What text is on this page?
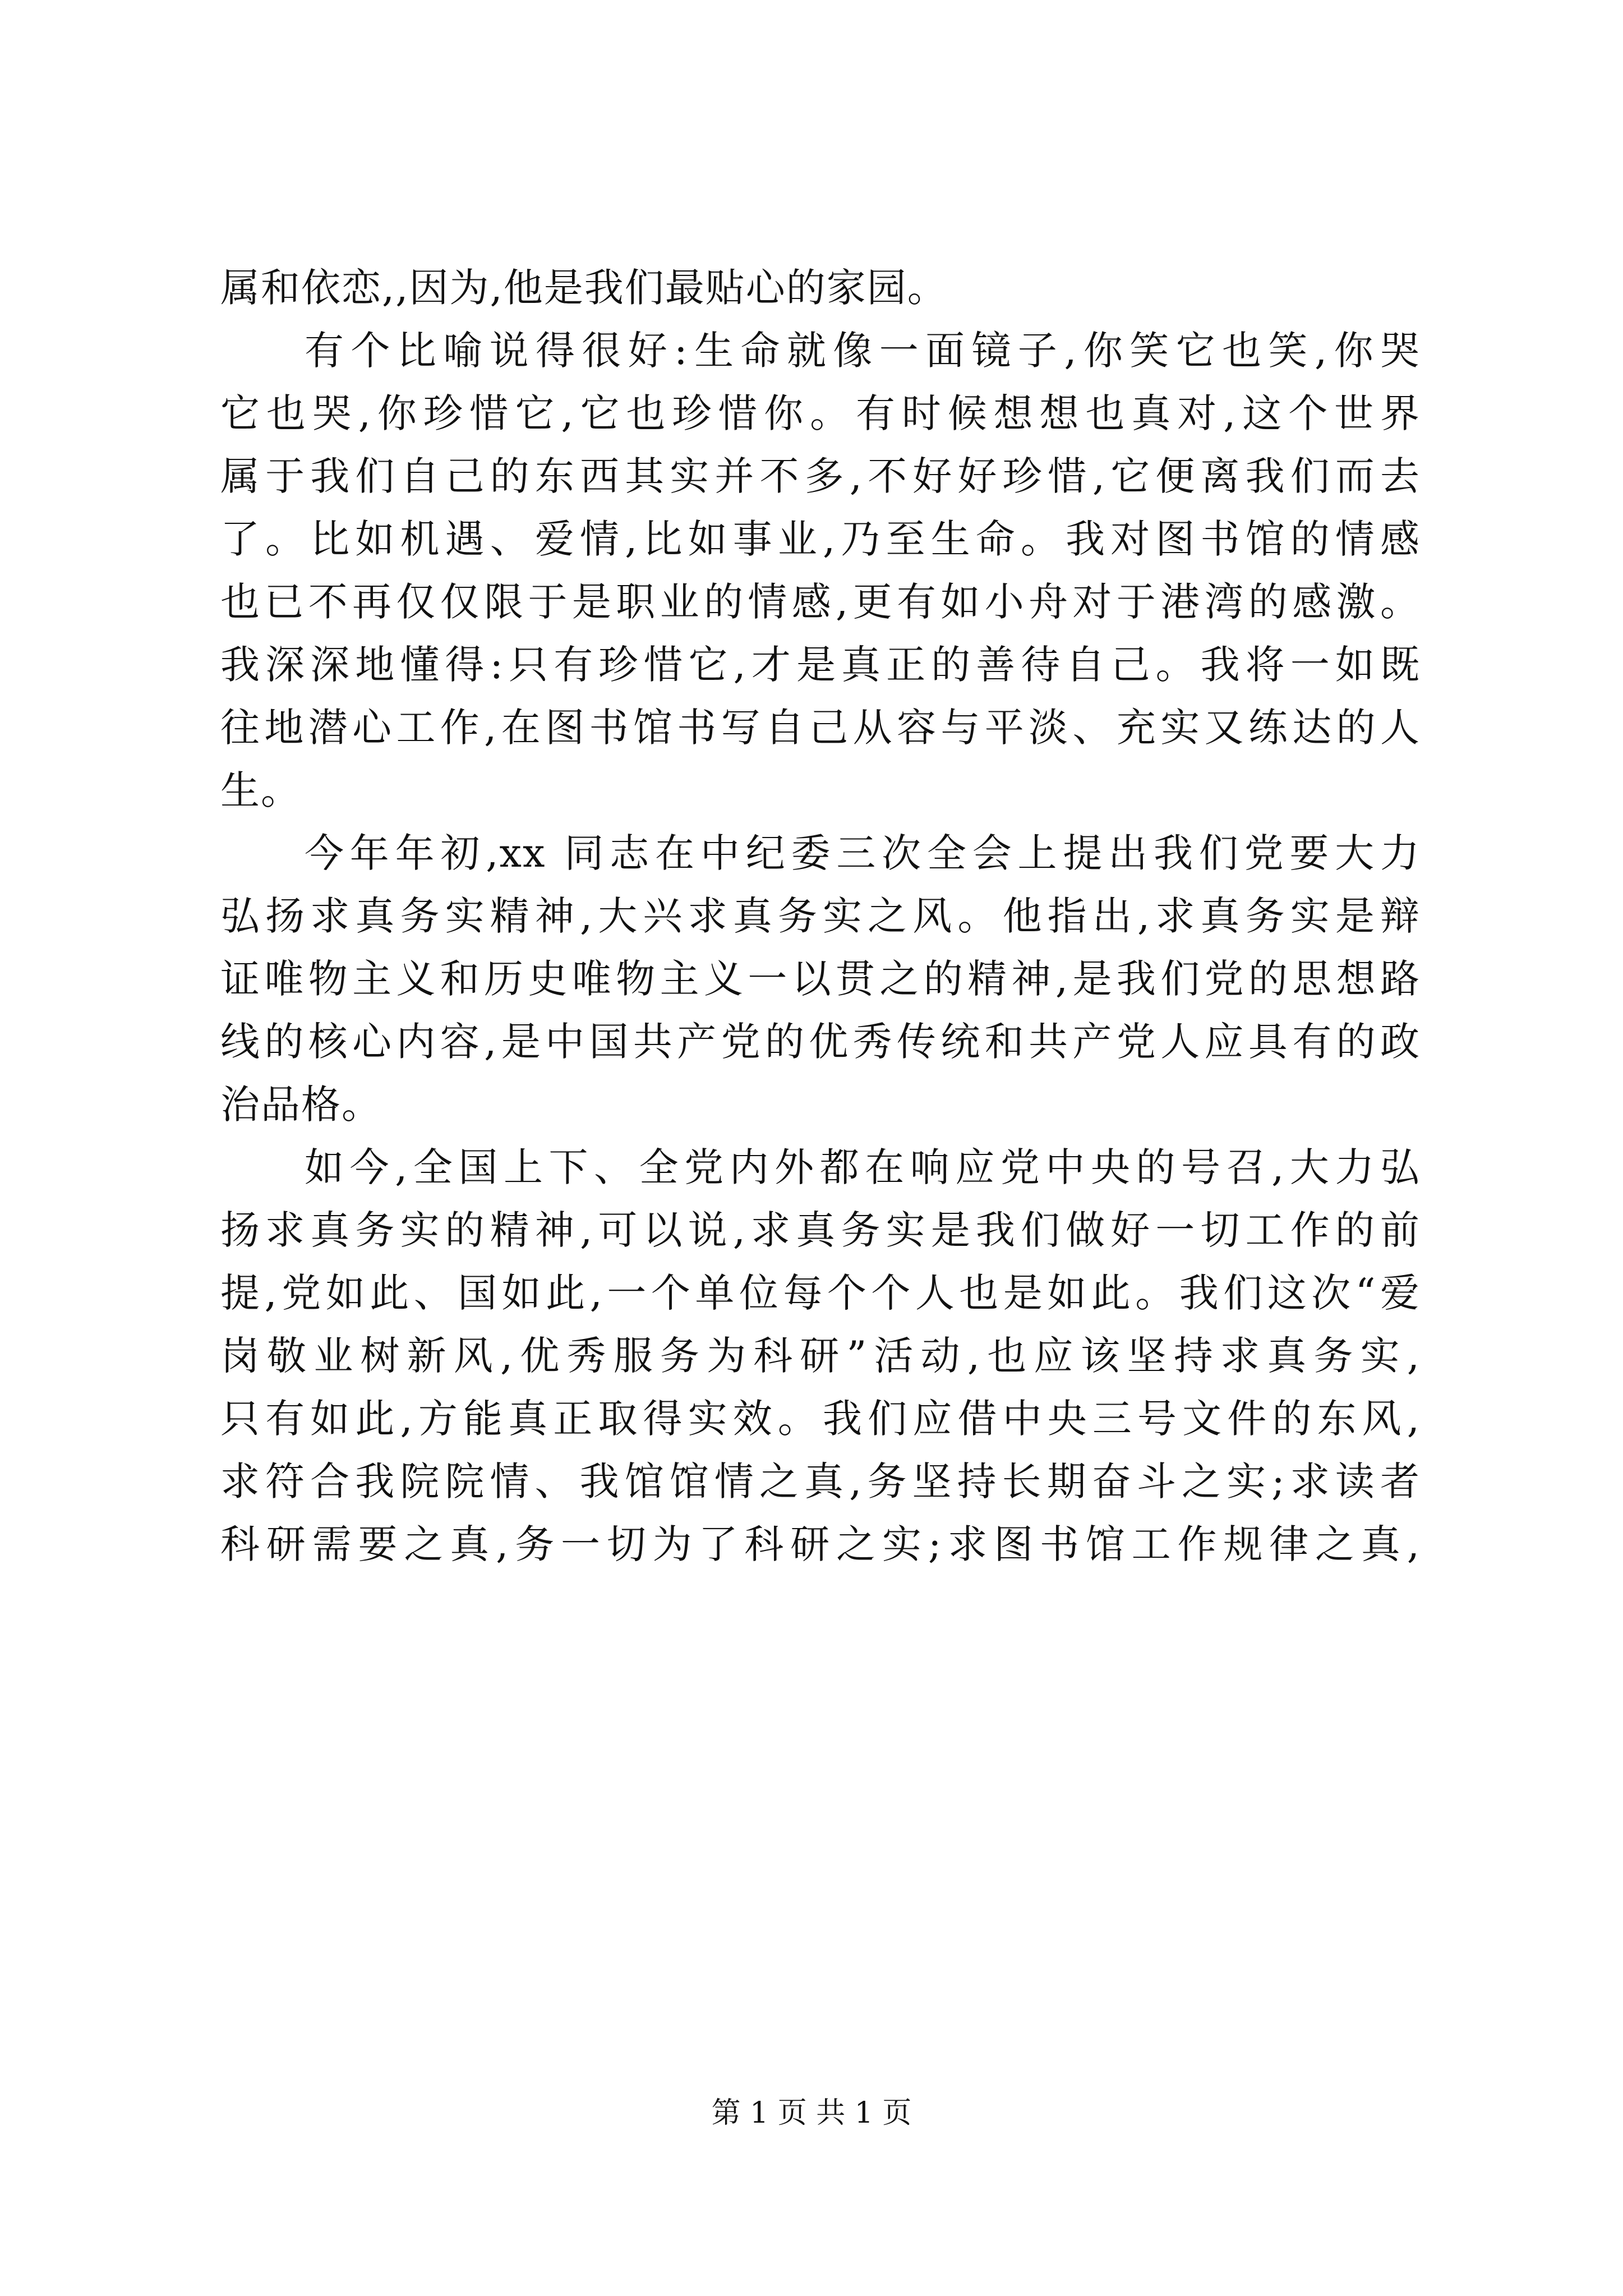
属和依恋,,因为,他是我们最贴心的家园。
有个比喻说得很好:生命就像一面镜子,你笑它也笑,你哭
它也哭,你珍惜它,它也珍惜你。有时候想想也真对,这个世界
属于我们自己的东西其实并不多,不好好珍惜,它便离我们而去
了。比如机遇、爱情,比如事业,乃至生命。我对图书馆的情感
也已不再仅仅限于是职业的情感,更有如小舟对于港湾的感激。
我深深地懂得:只有珍惜它,才是真正的善待自己。我将一如既
往地潜心工作,在图书馆书写自己从容与平淡、充实又练达的人
生。
今年年初,xx 同志在中纪委三次全会上提出我们党要大力
弘扬求真务实精神,大兴求真务实之风。他指出,求真务实是辩
证唯物主义和历史唯物主义一以贯之的精神,是我们党的思想路
线的核心内容,是中国共产党的优秀传统和共产党人应具有的政
治品格。
如今,全国上下、全党内外都在响应党中央的号召,大力弘
扬求真务实的精神,可以说,求真务实是我们做好一切工作的前
提,党如此、国如此,一个单位每个个人也是如此。我们这次“爱
岗敬业树新风,优秀服务为科研”活动,也应该坚持求真务实,
只有如此,方能真正取得实效。我们应借中央三号文件的东风,
求符合我院院情、我馆馆情之真,务坚持长期奋斗之实;求读者
科研需要之真,务一切为了科研之实;求图书馆工作规律之真,
第 1 页 共 1 页
